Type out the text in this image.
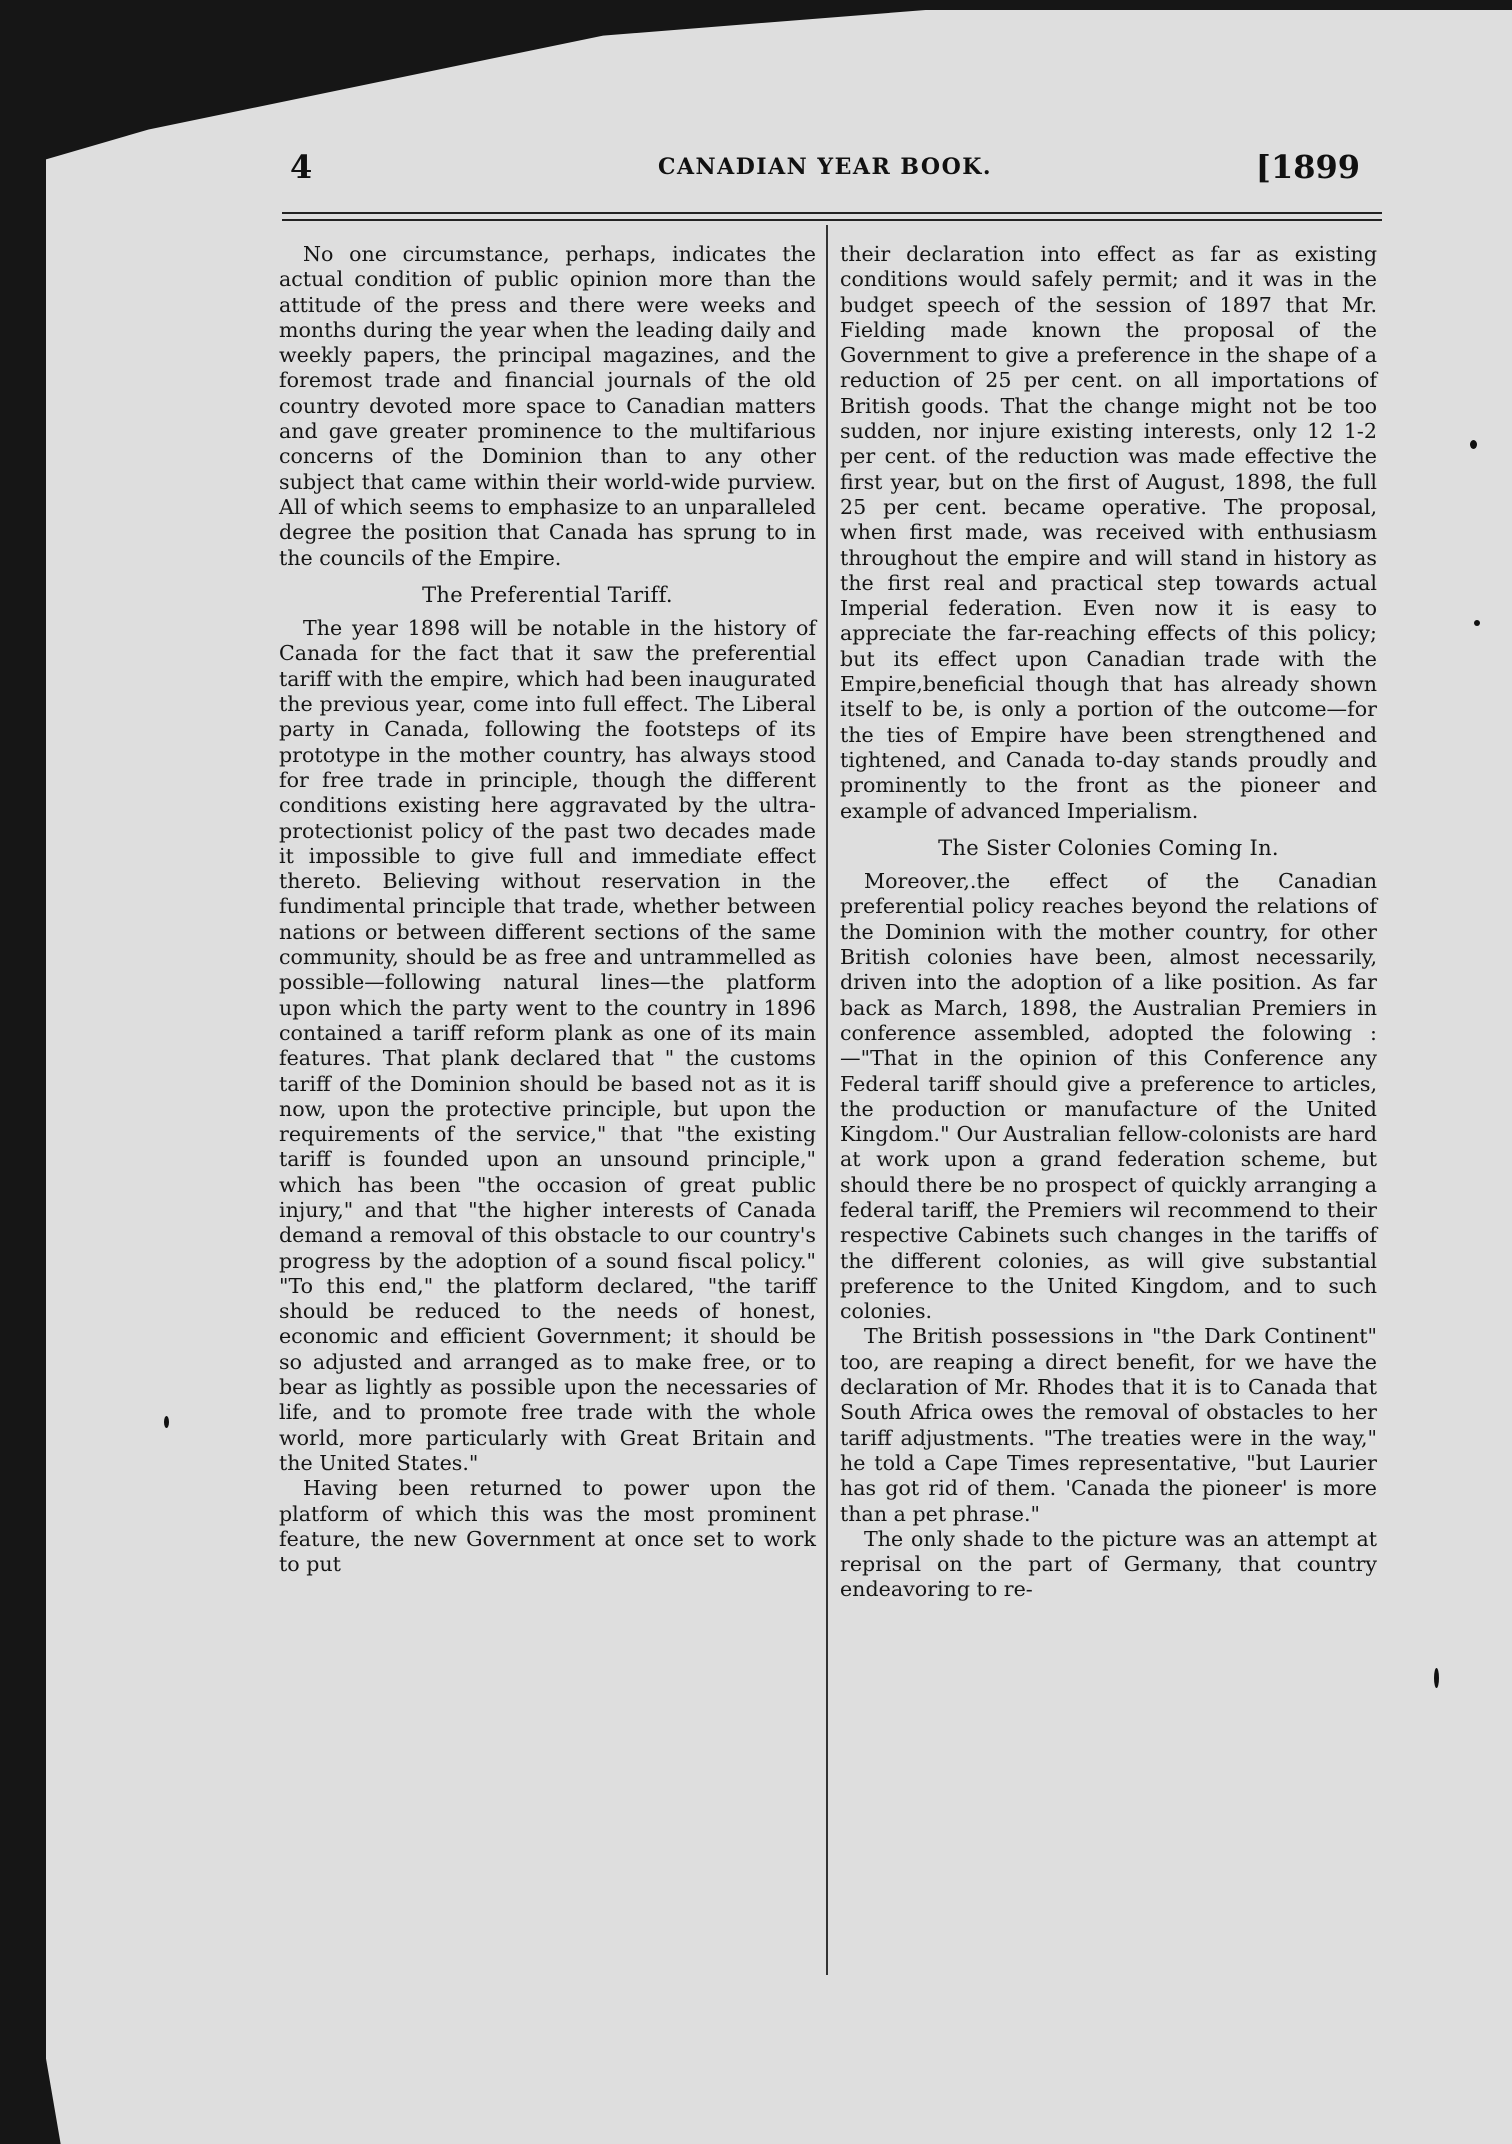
4	CANADIAN YEAR BOOK.	[1899

No one circumstance, perhaps, indicates the actual condition of public opinion more than the attitude of the press and there were weeks and months during the year when the leading daily and weekly papers, the principal magazines, and the foremost trade and financial journals of the old country devoted more space to Canadian matters and gave greater prominence to the multifarious concerns of the Dominion than to any other subject that came within their world-wide purview. All of which seems to emphasize to an unparalleled degree the position that Canada has sprung to in the councils of the Empire.

The Preferential Tariff.

The year 1898 will be notable in the history of Canada for the fact that it saw the preferential tariff with the empire, which had been inaugurated the previous year, come into full effect. The Liberal party in Canada, following the footsteps of its prototype in the mother country, has always stood for free trade in principle, though the different conditions existing here aggravated by the ultra-protectionist policy of the past two decades made it impossible to give full and immediate effect thereto. Believing without reservation in the fundimental principle that trade, whether between nations or between different sections of the same community, should be as free and untrammelled as possible—following natural lines—the platform upon which the party went to the country in 1896 contained a tariff reform plank as one of its main features. That plank declared that " the customs tariff of the Dominion should be based not as it is now, upon the protective principle, but upon the requirements of the service," that "the existing tariff is founded upon an unsound principle," which has been "the occasion of great public injury," and that "the higher interests of Canada demand a removal of this obstacle to our country's progress by the adoption of a sound fiscal policy." "To this end," the platform declared, "the tariff should be reduced to the needs of honest, economic and efficient Government; it should be so adjusted and arranged as to make free, or to bear as lightly as possible upon the necessaries of life, and to promote free trade with the whole world, more particularly with Great Britain and the United States."

Having been returned to power upon the platform of which this was the most prominent feature, the new Government at once set to work to put

their declaration into effect as far as existing conditions would safely permit; and it was in the budget speech of the session of 1897 that Mr. Fielding made known the proposal of the Government to give a preference in the shape of a reduction of 25 per cent. on all importations of British goods. That the change might not be too sudden, nor injure existing interests, only 12 1-2 per cent. of the reduction was made effective the first year, but on the first of August, 1898, the full 25 per cent. became operative. The proposal, when first made, was received with enthusiasm throughout the empire and will stand in history as the first real and practical step towards actual Imperial federation. Even now it is easy to appreciate the far-reaching effects of this policy; but its effect upon Canadian trade with the Empire,beneficial though that has already shown itself to be, is only a portion of the outcome—for the ties of Empire have been strengthened and tightened, and Canada to-day stands proudly and prominently to the front as the pioneer and example of advanced Imperialism.

The Sister Colonies Coming In.

Moreover,.the effect of the Canadian preferential policy reaches beyond the relations of the Dominion with the mother country, for other British colonies have been, almost necessarily, driven into the adoption of a like position. As far back as March, 1898, the Australian Premiers in conference assembled, adopted the folowing :—"That in the opinion of this Conference any Federal tariff should give a preference to articles, the production or manufacture of the United Kingdom." Our Australian fellow-colonists are hard at work upon a grand federation scheme, but should there be no prospect of quickly arranging a federal tariff, the Premiers wil recommend to their respective Cabinets such changes in the tariffs of the different colonies, as will give substantial preference to the United Kingdom, and to such colonies.

The British possessions in "the Dark Continent" too, are reaping a direct benefit, for we have the declaration of Mr. Rhodes that it is to Canada that South Africa owes the removal of obstacles to her tariff adjustments. "The treaties were in the way," he told a Cape Times representative, "but Laurier has got rid of them. 'Canada the pioneer' is more than a pet phrase."

The only shade to the picture was an attempt at reprisal on the part of Germany, that country endeavoring to re-
